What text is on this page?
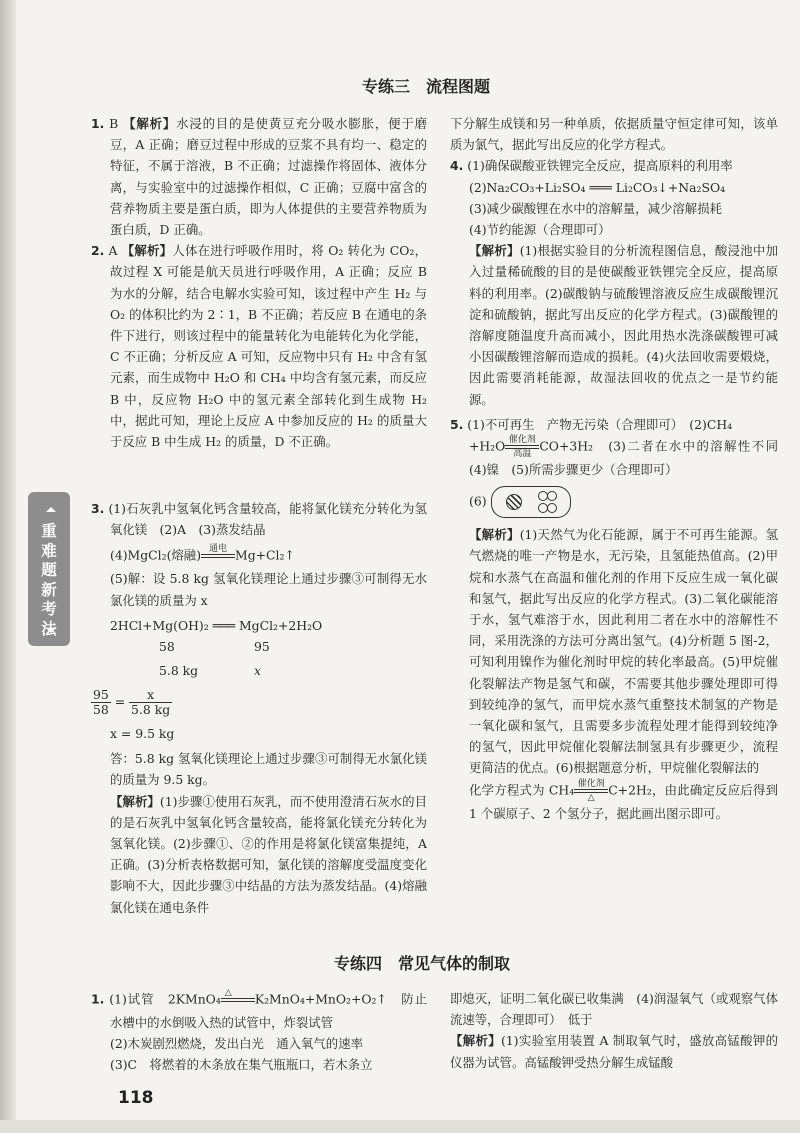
专练三　流程图题

1. B 【解析】水浸的目的是使黄豆充分吸水膨胀，便于磨豆，A 正确；磨豆过程中形成的豆浆不具有均一、稳定的特征，不属于溶液，B 不正确；过滤操作将固体、液体分离，与实验室中的过滤操作相似，C 正确；豆腐中富含的营养物质主要是蛋白质，即为人体提供的主要营养物质为蛋白质，D 正确。

2. A 【解析】人体在进行呼吸作用时，将 O₂ 转化为 CO₂，故过程 X 可能是航天员进行呼吸作用，A 正确；反应 B 为水的分解，结合电解水实验可知，该过程中产生 H₂ 与 O₂ 的体积比约为 2∶1，B 不正确；若反应 B 在通电的条件下进行，则该过程中的能量转化为电能转化为化学能，C 不正确；分析反应 A 可知，反应物中只有 H₂ 中含有氢元素，而生成物中 H₂O 和 CH₄ 中均含有氢元素，而反应 B 中，反应物 H₂O 中的氢元素全部转化到生成物 H₂ 中，据此可知，理论上反应 A 中参加反应的 H₂ 的质量大于反应 B 中生成 H₂ 的质量，D 不正确。

3. (1)石灰乳中氢氧化钙含量较高，能将氯化镁充分转化为氢氧化镁　(2)A　(3)蒸发结晶

(4)MgCl₂(熔融) 通电
Mg+Cl₂↑

(5)解：设 5.8 kg 氢氧化镁理论上通过步骤③可制得无水氯化镁的质量为 x

2HCl+Mg(OH)₂ ═══ MgCl₂+2H₂O

58	95
5.8 kg	x
$\frac{95}{58} = \frac{x}{5.8 kg}$

x = 9.5 kg

答：5.8 kg 氢氧化镁理论上通过步骤③可制得无水氯化镁的质量为 9.5 kg。

【解析】(1)步骤①使用石灰乳，而不使用澄清石灰水的目的是石灰乳中氢氧化钙含量较高，能将氯化镁充分转化为氢氧化镁。(2)步骤①、②的作用是将氯化镁富集提纯，A 正确。(3)分析表格数据可知，氯化镁的溶解度受温度变化影响不大，因此步骤③中结晶的方法为蒸发结晶。(4)熔融氯化镁在通电条件

重难题新考法

下分解生成镁和另一种单质，依据质量守恒定律可知，该单质为氯气，据此写出反应的化学方程式。

4. (1)确保碳酸亚铁锂完全反应，提高原料的利用率

(2)Na₂CO₃+Li₂SO₄ ═══ Li₂CO₃↓+Na₂SO₄

(3)减少碳酸锂在水中的溶解量，减少溶解损耗

(4)节约能源（合理即可）

【解析】(1)根据实验目的分析流程图信息，酸浸池中加入过量稀硫酸的目的是使碳酸亚铁锂完全反应，提高原料的利用率。(2)碳酸钠与硫酸锂溶液反应生成碳酸锂沉淀和硫酸钠，据此写出反应的化学方程式。(3)碳酸锂的溶解度随温度升高而减小，因此用热水洗涤碳酸锂可减小因碳酸锂溶解而造成的损耗。(4)火法回收需要煅烧，因此需要消耗能源，故湿法回收的优点之一是节约能源。

5. (1)不可再生　产物无污染（合理即可）　(2)CH₄

+H₂O 催化剂
高温
CO+3H₂　(3)二者在水中的溶解性不同　(4)镍　(5)所需步骤更少（合理即可）

(6)

【解析】(1)天然气为化石能源，属于不可再生能源。氢气燃烧的唯一产物是水，无污染，且氢能热值高。(2)甲烷和水蒸气在高温和催化剂的作用下反应生成一氧化碳和氢气，据此写出反应的化学方程式。(3)二氧化碳能溶于水，氢气难溶于水，因此利用二者在水中的溶解性不同，采用洗涤的方法可分离出氢气。(4)分析题 5 图-2，可知利用镍作为催化剂时甲烷的转化率最高。(5)甲烷催化裂解法产物是氢气和碳，不需要其他步骤处理即可得到较纯净的氢气，而甲烷水蒸气重整技术制氢的产物是一氧化碳和氢气，且需要多步流程处理才能得到较纯净的氢气，因此甲烷催化裂解法制氢具有步骤更少，流程更简洁的优点。(6)根据题意分析，甲烷催化裂解法的

化学方程式为 CH₄ 催化剂
△
C+2H₂，由此确定反应后得到 1 个碳原子、2 个氢分子，据此画出图示即可。

专练四　常见气体的制取

1. (1)试管　2KMnO₄ △
	K₂MnO₄+MnO₂+O₂↑　防止水槽中的水倒吸入热的试管中，炸裂试管

(2)木炭剧烈燃烧，发出白光　通入氧气的速率

(3)C　将燃着的木条放在集气瓶瓶口，若木条立

即熄灭，证明二氧化碳已收集满　(4)润湿氧气（或观察气体流速等，合理即可）　低于

【解析】(1)实验室用装置 A 制取氧气时，盛放高锰酸钾的仪器为试管。高锰酸钾受热分解生成锰酸

118
